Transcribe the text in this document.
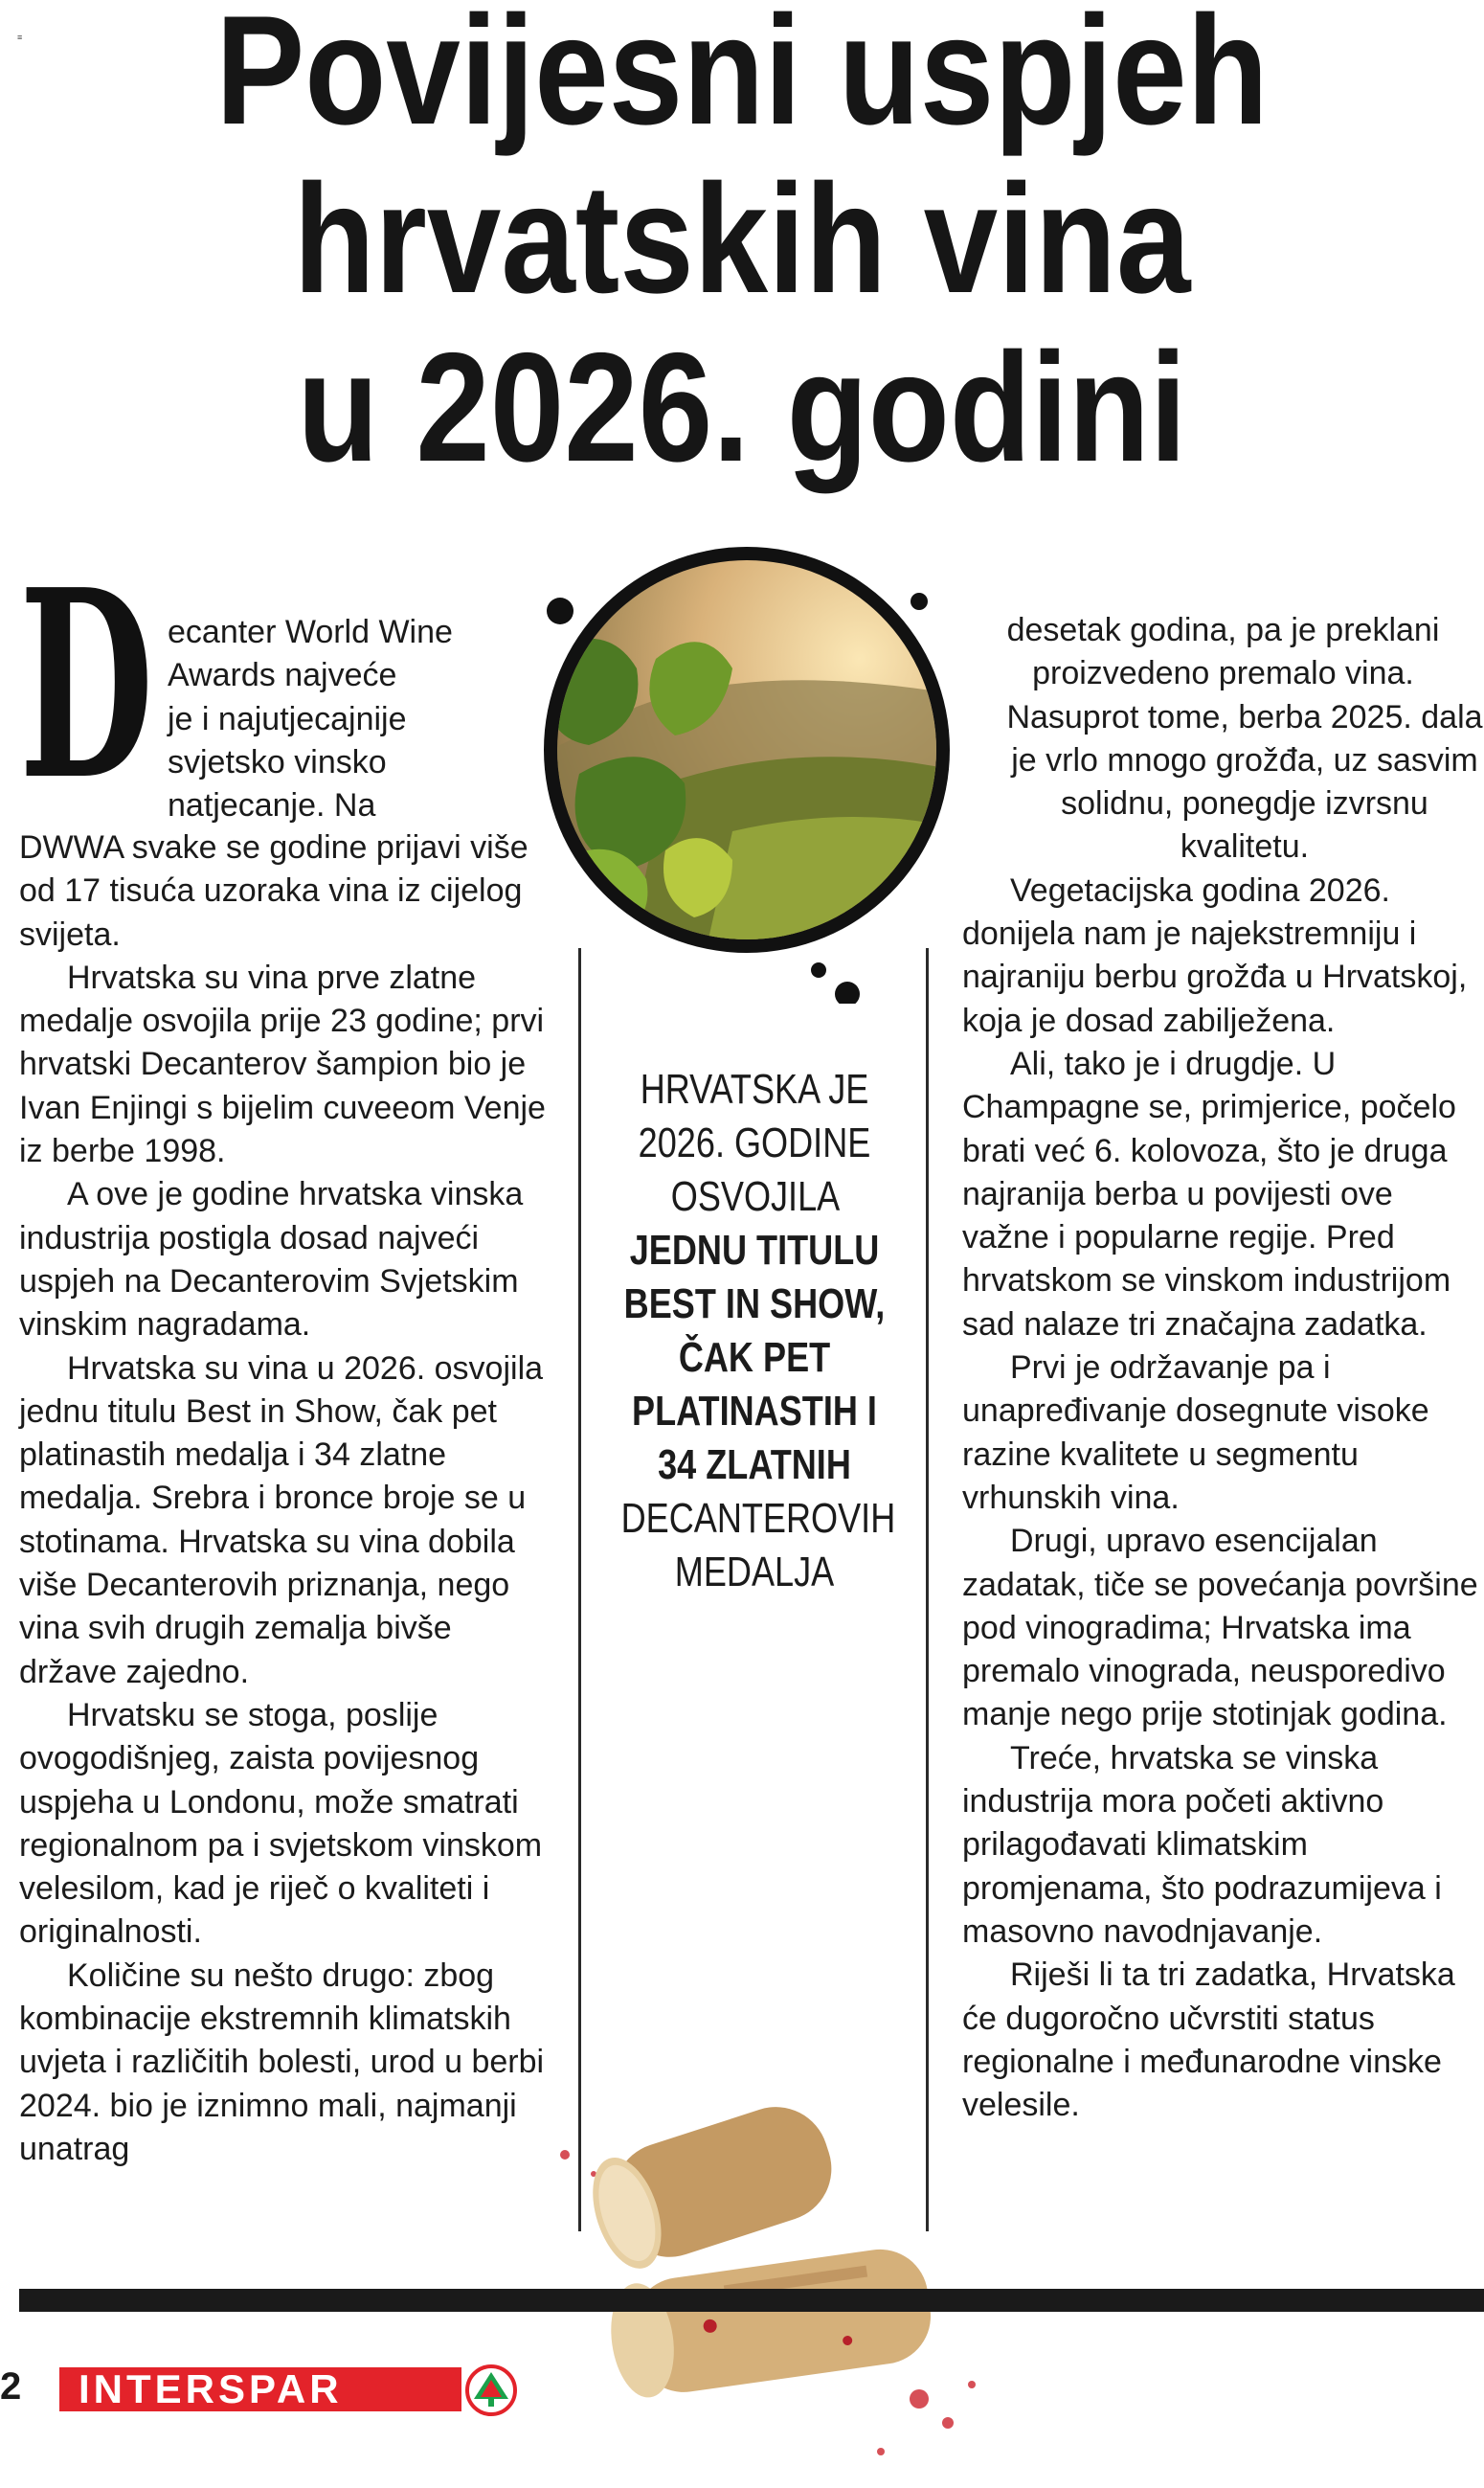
≡	Povijesni uspjeh
hrvatskih vina
u 2026. godini
D ecanter World Wine
Awards najveće
je i najutjecajnije
svjetsko vinsko
natjecanje. Na

DWWA svake se godine prijavi više od 17 tisuća uzoraka vina iz cijelog svijeta.

Hrvatska su vina prve zlatne medalje osvojila prije 23 godine; prvi hrvatski Decanterov šampion bio je Ivan Enjingi s bijelim cuveeom Venje iz berbe 1998.

A ove je godine hrvatska vinska industrija postigla dosad najveći uspjeh na Decanterovim Svjetskim vinskim nagradama.

Hrvatska su vina u 2026. osvojila jednu titulu Best in Show, čak pet platinastih medalja i 34 zlatne medalja. Srebra i bronce broje se u stotinama. Hrvatska su vina dobila više Decanterovih priznanja, nego vina svih drugih zemalja bivše države zajedno.

Hrvatsku se stoga, poslije ovogodišnjeg, zaista povijesnog uspjeha u Londonu, može smatrati regionalnom pa i svjetskom vinskom velesilom, kad je riječ o kvaliteti i originalnosti.

Količine su nešto drugo: zbog kombinacije ekstremnih klimatskih uvjeta i različitih bolesti, urod u berbi 2024. bio je iznimno mali, najmanji unatrag

HRVATSKA JE 2026. GODINE OSVOJILA JEDNU TITULU BEST IN SHOW, ČAK PET PLATINASTIH I 34 ZLATNIH DECANTEROVIH MEDALJA

desetak godina, pa je preklani proizvedeno premalo vina.

Nasuprot tome, berba 2025. dala je vrlo mnogo grožđa, uz sasvim solidnu, ponegdje izvrsnu kvalitetu.

Vegetacijska godina 2026. donijela nam je najekstremniju i najraniju berbu grožđa u Hrvatskoj, koja je dosad zabilježena.

Ali, tako je i drugdje. U Champagne se, primjerice, počelo brati već 6. kolovoza, što je druga najranija berba u povijesti ove važne i popularne regije. Pred hrvatskom se vinskom industrijom sad nalaze tri značajna zadatka.

Prvi je održavanje pa i unapređivanje dosegnute visoke razine kvalitete u segmentu vrhunskih vina.

Drugi, upravo esencijalan zadatak, tiče se povećanja površine pod vinogradima; Hrvatska ima premalo vinograda, neusporedivo manje nego prije stotinjak godina.

Treće, hrvatska se vinska industrija mora početi aktivno prilagođavati klimatskim promjenama, što podrazumijeva i masovno navodnjavanje.

Riješi li ta tri zadatka, Hrvatska će dugoročno učvrstiti status regionalne i međunarodne vinske velesile.

2 INTERSPAR
